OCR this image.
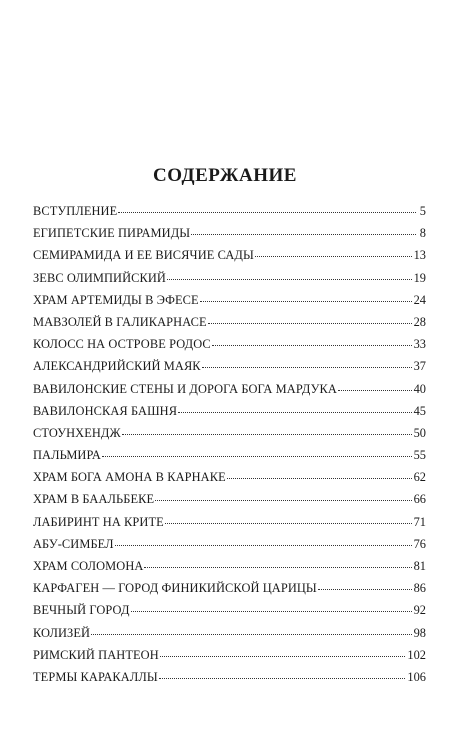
СОДЕРЖАНИЕ
ВСТУПЛЕНИЕ	5
ЕГИПЕТСКИЕ ПИРАМИДЫ	8
СЕМИРАМИДА И ЕЕ ВИСЯЧИЕ САДЫ	13
ЗЕВС ОЛИМПИЙСКИЙ	19
ХРАМ АРТЕМИДЫ В ЭФЕСЕ	24
МАВЗОЛЕЙ В ГАЛИКАРНАСЕ	28
КОЛОСС НА ОСТРОВЕ РОДОС	33
АЛЕКСАНДРИЙСКИЙ МАЯК	37
ВАВИЛОНСКИЕ СТЕНЫ И ДОРОГА БОГА МАРДУКА	40
ВАВИЛОНСКАЯ БАШНЯ	45
СТОУНХЕНДЖ	50
ПАЛЬМИРА	55
ХРАМ БОГА АМОНА В КАРНАКЕ	62
ХРАМ В БААЛЬБЕКЕ	66
ЛАБИРИНТ НА КРИТЕ	71
АБУ-СИМБЕЛ	76
ХРАМ СОЛОМОНА	81
КАРФАГЕН — ГОРОД ФИНИКИЙСКОЙ ЦАРИЦЫ	86
ВЕЧНЫЙ ГОРОД	92
КОЛИЗЕЙ	98
РИМСКИЙ ПАНТЕОН	102
ТЕРМЫ КАРАКАЛЛЫ	106
